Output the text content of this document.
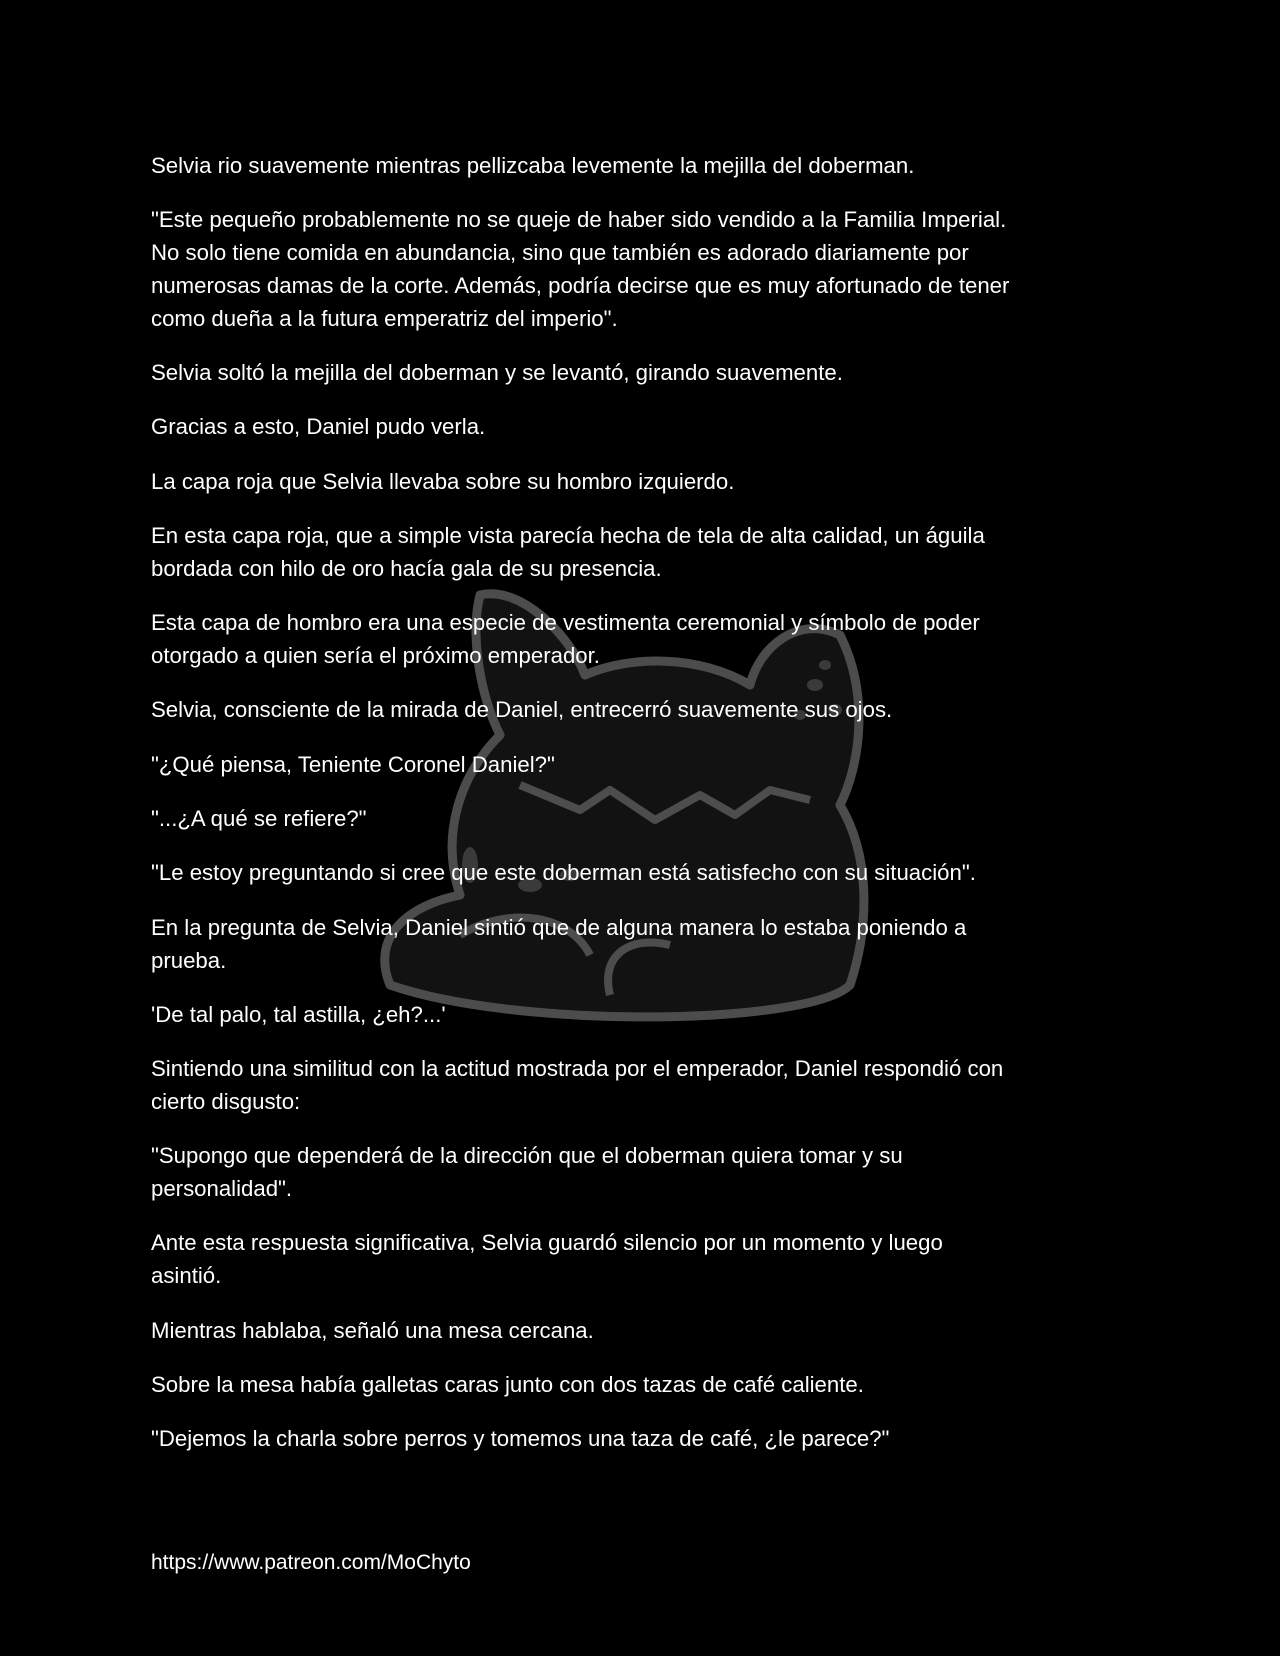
Selvia rio suavemente mientras pellizcaba levemente la mejilla del doberman.

"Este pequeño probablemente no se queje de haber sido vendido a la Familia Imperial.
No solo tiene comida en abundancia, sino que también es adorado diariamente por
numerosas damas de la corte. Además, podría decirse que es muy afortunado de tener
como dueña a la futura emperatriz del imperio".

Selvia soltó la mejilla del doberman y se levantó, girando suavemente.

Gracias a esto, Daniel pudo verla.

La capa roja que Selvia llevaba sobre su hombro izquierdo.

En esta capa roja, que a simple vista parecía hecha de tela de alta calidad, un águila
bordada con hilo de oro hacía gala de su presencia.

Esta capa de hombro era una especie de vestimenta ceremonial y símbolo de poder
otorgado a quien sería el próximo emperador.

Selvia, consciente de la mirada de Daniel, entrecerró suavemente sus ojos.

"¿Qué piensa, Teniente Coronel Daniel?"

"...¿A qué se refiere?"

"Le estoy preguntando si cree que este doberman está satisfecho con su situación".

En la pregunta de Selvia, Daniel sintió que de alguna manera lo estaba poniendo a
prueba.

'De tal palo, tal astilla, ¿eh?...'

Sintiendo una similitud con la actitud mostrada por el emperador, Daniel respondió con
cierto disgusto:

"Supongo que dependerá de la dirección que el doberman quiera tomar y su
personalidad".

Ante esta respuesta significativa, Selvia guardó silencio por un momento y luego
asintió.

Mientras hablaba, señaló una mesa cercana.

Sobre la mesa había galletas caras junto con dos tazas de café caliente.

"Dejemos la charla sobre perros y tomemos una taza de café, ¿le parece?"

https://www.patreon.com/MoChyto
